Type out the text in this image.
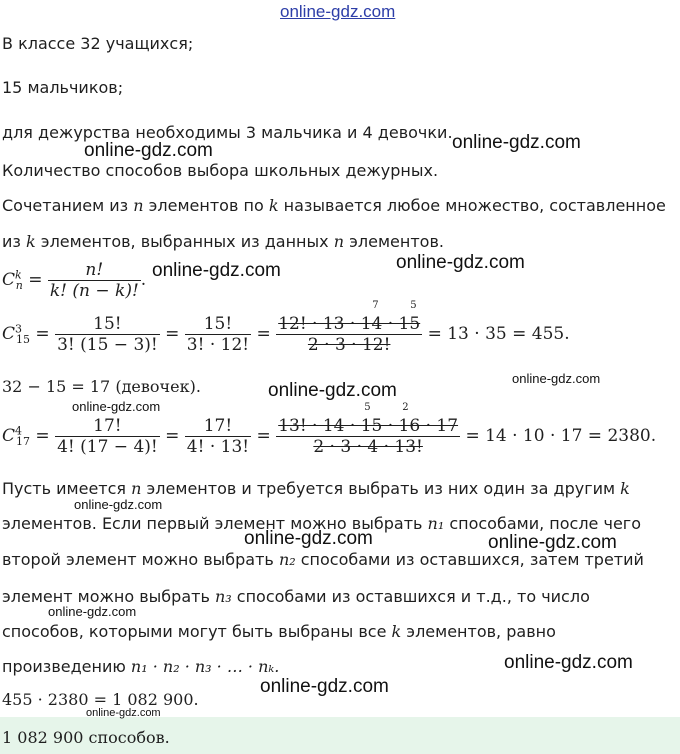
online-gdz.com
В классе 32 учащихся;
15 мальчиков;
для дежурства необходимы 3 мальчика и 4 девочки.
Количество способов выбора школьных дежурных.
Сочетанием из n элементов по k называется любое множество, составленное
из k элементов, выбранных из данных n элементов.
$C^k_n = \frac{n!}{k! (n - k)!}$ .
$C^3_{15} = \frac{15!}{3! (15 - 3)!} = \frac{15!}{3! \cdot 12!}$ =
7	5
12! · 13 · 14 · 15
2 · 3 · 12!
= 13 · 35 = 455.
32 − 15 = 17 (девочек).
$C^4_{17} = \frac{17!}{4! (17 - 4)!} = \frac{17!}{4! \cdot 13!}$ =
5	2
13! · 14 · 15 · 16 · 17
2 · 3 · 4 · 13!
= 14 · 10 · 17 = 2380.
Пусть имеется n элементов и требуется выбрать из них один за другим k
элементов. Если первый элемент можно выбрать n₁ способами, после чего
второй элемент можно выбрать n₂ способами из оставшихся, затем третий
элемент можно выбрать n₃ способами из оставшихся и т.д., то число
способов, которыми могут быть выбраны все k элементов, равно
произведению n₁ · n₂ · n₃ · … · nₖ.
455 · 2380 = 1 082 900.
1 082 900 способов.
online-gdz.com
online-gdz.com
online-gdz.com
online-gdz.com
online-gdz.com
online-gdz.com
online-gdz.com
online-gdz.com
online-gdz.com	online-gdz.com
online-gdz.com
online-gdz.com
online-gdz.com
online-gdz.com
